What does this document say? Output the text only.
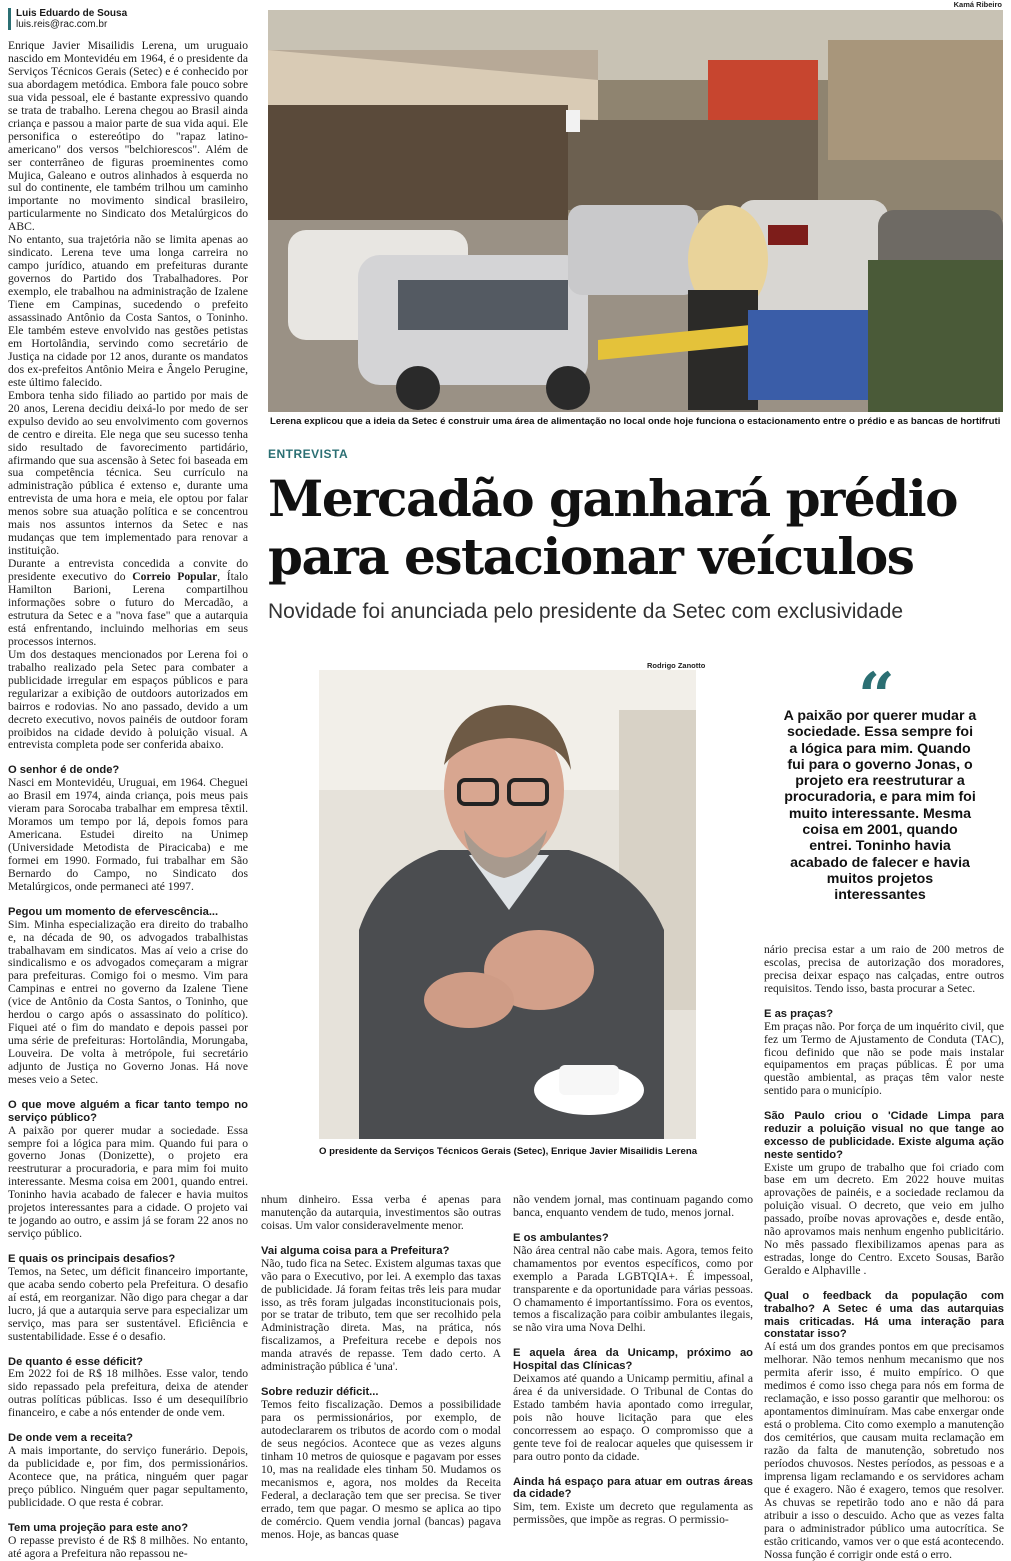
Luis Eduardo de Sousa
luis.reis@rac.com.br
Kamá Ribeiro
Lerena explicou que a ideia da Setec é construir uma área de alimentação no local onde hoje funciona o estacionamento entre o prédio e as bancas de hortifruti
ENTREVISTA
Mercadão ganhará prédio
para estacionar veículos
Novidade foi anunciada pelo presidente da Setec com exclusividade
Rodrigo Zanotto
O presidente da Serviços Técnicos Gerais (Setec), Enrique Javier Misailidis Lerena
“
A paixão por querer mudar a sociedade. Essa sempre foi a lógica para mim. Quando fui para o governo Jonas, o projeto era reestruturar a procuradoria, e para mim foi muito interessante. Mesma coisa em 2001, quando entrei. Toninho havia acabado de falecer e havia muitos projetos interessantes

Enrique Javier Misailidis Lerena, um uruguaio nascido em Montevidéu em 1964, é o presidente da Serviços Técnicos Gerais (Setec) e é conhecido por sua abordagem metódica. Embora fale pouco sobre sua vida pessoal, ele é bastante expressivo quando se trata de trabalho. Lerena chegou ao Brasil ainda criança e passou a maior parte de sua vida aqui. Ele personifica o estereótipo do "rapaz latino-americano" dos versos "belchiorescos". Além de ser conterrâneo de figuras proeminentes como Mujica, Galeano e outros alinhados à esquerda no sul do continente, ele também trilhou um caminho importante no movimento sindical brasileiro, particularmente no Sindicato dos Metalúrgicos do ABC.

No entanto, sua trajetória não se limita apenas ao sindicato. Lerena teve uma longa carreira no campo jurídico, atuando em prefeituras durante governos do Partido dos Trabalhadores. Por exemplo, ele trabalhou na administração de Izalene Tiene em Campinas, sucedendo o prefeito assassinado Antônio da Costa Santos, o Toninho. Ele também esteve envolvido nas gestões petistas em Hortolândia, servindo como secretário de Justiça na cidade por 12 anos, durante os mandatos dos ex-prefeitos Antônio Meira e Ângelo Perugine, este último falecido.

Embora tenha sido filiado ao partido por mais de 20 anos, Lerena decidiu deixá-lo por medo de ser expulso devido ao seu envolvimento com governos de centro e direita. Ele nega que seu sucesso tenha sido resultado de favorecimento partidário, afirmando que sua ascensão à Setec foi baseada em sua competência técnica. Seu currículo na administração pública é extenso e, durante uma entrevista de uma hora e meia, ele optou por falar menos sobre sua atuação política e se concentrou mais nos assuntos internos da Setec e nas mudanças que tem implementado para renovar a instituição.

Durante a entrevista concedida a convite do presidente executivo do Correio Popular, Ítalo Hamilton Barioni, Lerena compartilhou informações sobre o futuro do Mercadão, a estrutura da Setec e a "nova fase" que a autarquia está enfrentando, incluindo melhorias em seus processos internos.

Um dos destaques mencionados por Lerena foi o trabalho realizado pela Setec para combater a publicidade irregular em espaços públicos e para regularizar a exibição de outdoors autorizados em bairros e rodovias. No ano passado, devido a um decreto executivo, novos painéis de outdoor foram proibidos na cidade devido à poluição visual. A entrevista completa pode ser conferida abaixo.

O senhor é de onde?

Nasci em Montevidéu, Uruguai, em 1964. Cheguei ao Brasil em 1974, ainda criança, pois meus pais vieram para Sorocaba trabalhar em empresa têxtil. Moramos um tempo por lá, depois fomos para Americana. Estudei direito na Unimep (Universidade Metodista de Piracicaba) e me formei em 1990. Formado, fui trabalhar em São Bernardo do Campo, no Sindicato dos Metalúrgicos, onde permaneci até 1997.

Pegou um momento de efervescência...

Sim. Minha especialização era direito do trabalho e, na década de 90, os advogados trabalhistas trabalhavam em sindicatos. Mas aí veio a crise do sindicalismo e os advogados começaram a migrar para prefeituras. Comigo foi o mesmo. Vim para Campinas e entrei no governo da Izalene Tiene (vice de Antônio da Costa Santos, o Toninho, que herdou o cargo após o assassinato do político). Fiquei até o fim do mandato e depois passei por uma série de prefeituras: Hortolândia, Morungaba, Louveira. De volta à metrópole, fui secretário adjunto de Justiça no Governo Jonas. Há nove meses veio a Setec.

O que move alguém a ficar tanto tempo no serviço público?

A paixão por querer mudar a sociedade. Essa sempre foi a lógica para mim. Quando fui para o governo Jonas (Donizette), o projeto era reestruturar a procuradoria, e para mim foi muito interessante. Mesma coisa em 2001, quando entrei. Toninho havia acabado de falecer e havia muitos projetos interessantes para a cidade. O projeto vai te jogando ao outro, e assim já se foram 22 anos no serviço público.

E quais os principais desafios?

Temos, na Setec, um déficit financeiro importante, que acaba sendo coberto pela Prefeitura. O desafio aí está, em reorganizar. Não digo para chegar a dar lucro, já que a autarquia serve para especializar um serviço, mas para ser sustentável. Eficiência e sustentabilidade. Esse é o desafio.

De quanto é esse déficit?

Em 2022 foi de R$ 18 milhões. Esse valor, tendo sido repassado pela prefeitura, deixa de atender outras políticas públicas. Isso é um desequilíbrio financeiro, e cabe a nós entender de onde vem.

De onde vem a receita?

A mais importante, do serviço funerário. Depois, da publicidade e, por fim, dos permissionários. Acontece que, na prática, ninguém quer pagar preço público. Ninguém quer pagar sepultamento, publicidade. O que resta é cobrar.

Tem uma projeção para este ano?

O repasse previsto é de R$ 8 milhões. No entanto, até agora a Prefeitura não repassou ne-

nhum dinheiro. Essa verba é apenas para manutenção da autarquia, investimentos são outras coisas. Um valor consideravelmente menor.

Vai alguma coisa para a Prefeitura?

Não, tudo fica na Setec. Existem algumas taxas que vão para o Executivo, por lei. A exemplo das taxas de publicidade. Já foram feitas três leis para mudar isso, as três foram julgadas inconstitucionais pois, por se tratar de tributo, tem que ser recolhido pela Administração direta. Mas, na prática, nós fiscalizamos, a Prefeitura recebe e depois nos manda através de repasse. Tem dado certo. A administração pública é 'una'.

Sobre reduzir déficit...

Temos feito fiscalização. Demos a possibilidade para os permissionários, por exemplo, de autodeclararem os tributos de acordo com o modal de seus negócios. Acontece que as vezes alguns tinham 10 metros de quiosque e pagavam por esses 10, mas na realidade eles tinham 50. Mudamos os mecanismos e, agora, nos moldes da Receita Federal, a declaração tem que ser precisa. Se tiver errado, tem que pagar. O mesmo se aplica ao tipo de comércio. Quem vendia jornal (bancas) pagava menos. Hoje, as bancas quase

não vendem jornal, mas continuam pagando como banca, enquanto vendem de tudo, menos jornal.

E os ambulantes?

Não área central não cabe mais. Agora, temos feito chamamentos por eventos específicos, como por exemplo a Parada LGBTQIA+. É impessoal, transparente e da oportunidade para várias pessoas. O chamamento é importantíssimo. Fora os eventos, temos a fiscalização para coibir ambulantes ilegais, se não vira uma Nova Delhi.

E aquela área da Unicamp, próximo ao Hospital das Clínicas?

Deixamos até quando a Unicamp permitiu, afinal a área é da universidade. O Tribunal de Contas do Estado também havia apontado como irregular, pois não houve licitação para que eles concorressem ao espaço. O compromisso que a gente teve foi de realocar aqueles que quisessem ir para outro ponto da cidade.

Ainda há espaço para atuar em outras áreas da cidade?

Sim, tem. Existe um decreto que regulamenta as permissões, que impõe as regras. O permissio-

nário precisa estar a um raio de 200 metros de escolas, precisa de autorização dos moradores, precisa deixar espaço nas calçadas, entre outros requisitos. Tendo isso, basta procurar a Setec.

E as praças?

Em praças não. Por força de um inquérito civil, que fez um Termo de Ajustamento de Conduta (TAC), ficou definido que não se pode mais instalar equipamentos em praças públicas. É por uma questão ambiental, as praças têm valor neste sentido para o município.

São Paulo criou o 'Cidade Limpa para reduzir a poluição visual no que tange ao excesso de publicidade. Existe alguma ação neste sentido?

Existe um grupo de trabalho que foi criado com base em um decreto. Em 2022 houve muitas aprovações de painéis, e a sociedade reclamou da poluição visual. O decreto, que veio em julho passado, proíbe novas aprovações e, desde então, não aprovamos mais nenhum engenho publicitário. No mês passado flexibilizamos apenas para as estradas, longe do Centro. Exceto Sousas, Barão Geraldo e Alphaville .

Qual o feedback da população com trabalho? A Setec é uma das autarquias mais criticadas. Há uma interação para constatar isso?

Aí está um dos grandes pontos em que precisamos melhorar. Não temos nenhum mecanismo que nos permita aferir isso, é muito empírico. O que medimos é como isso chega para nós em forma de reclamação, e isso posso garantir que melhorou: os apontamentos diminuíram. Mas cabe enxergar onde está o problema. Cito como exemplo a manutenção dos cemitérios, que causam muita reclamação em razão da falta de manutenção, sobretudo nos períodos chuvosos. Nestes períodos, as pessoas e a imprensa ligam reclamando e os servidores acham que é exagero. Não é exagero, temos que resolver. As chuvas se repetirão todo ano e não dá para atribuir a isso o descuido. Acho que as vezes falta para o administrador público uma autocrítica. Se estão criticando, vamos ver o que está acontecendo. Nossa função é corrigir onde está o erro.
